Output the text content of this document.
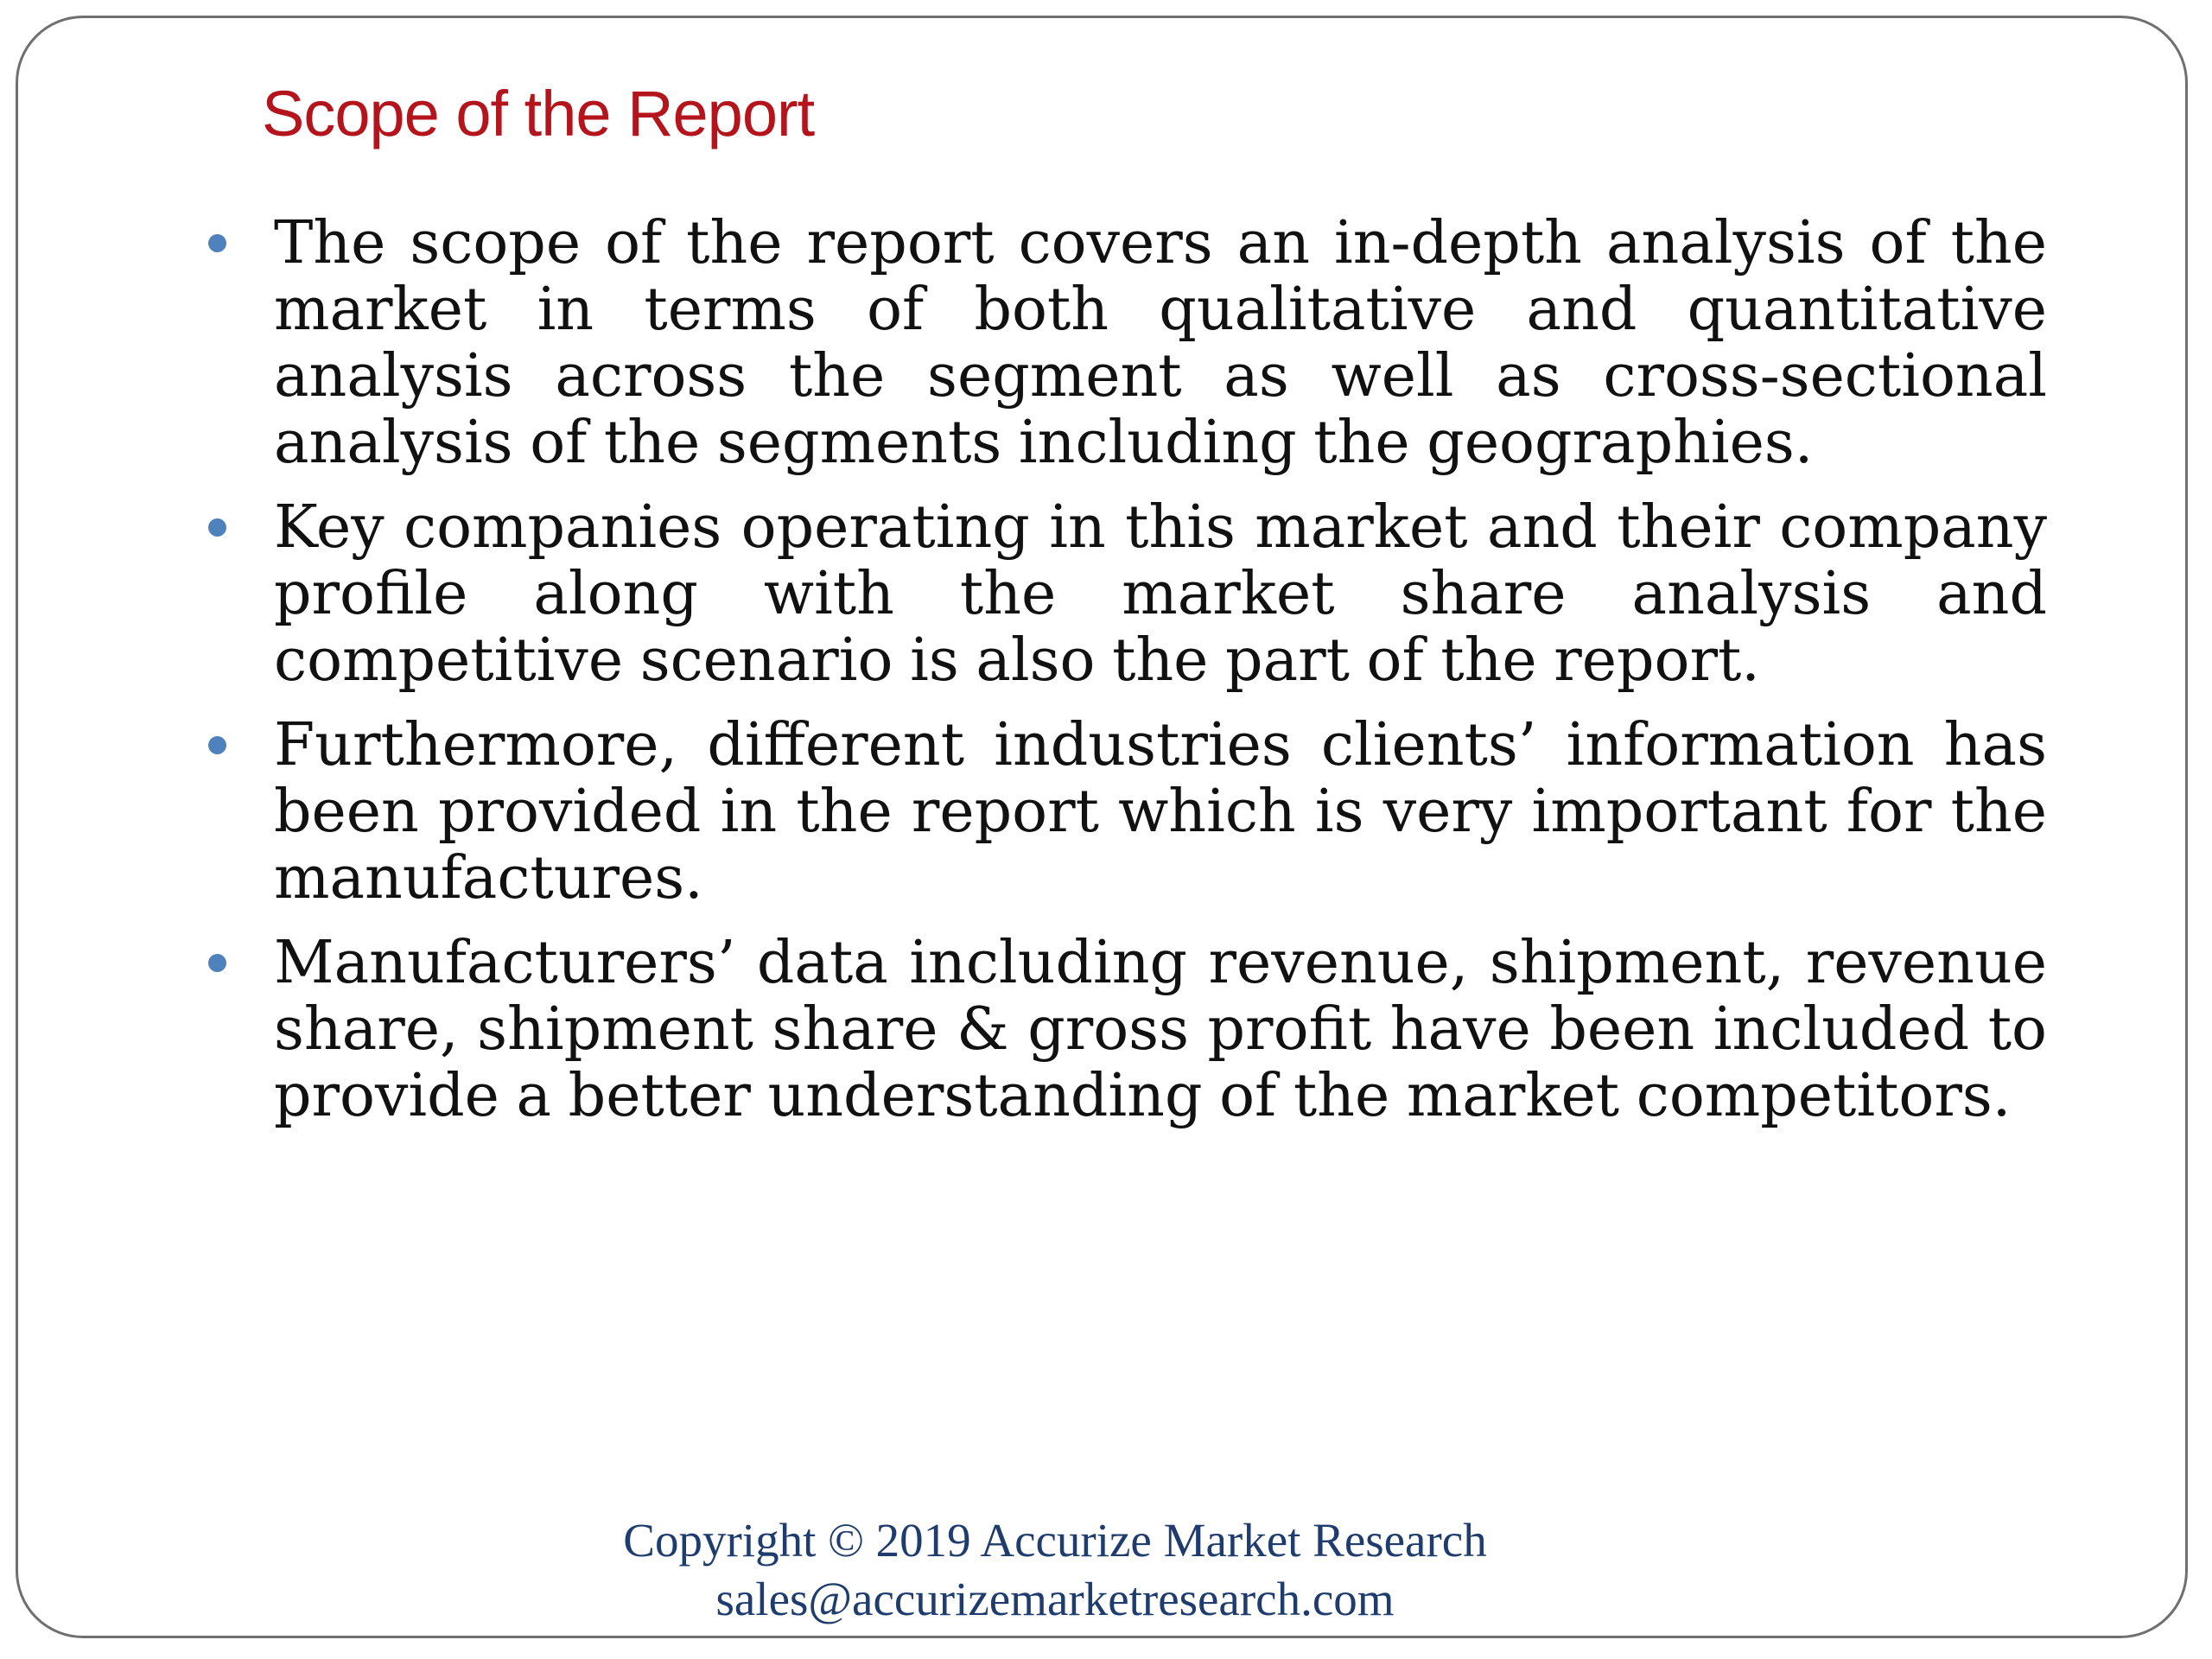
Scope of the Report
The scope of the report covers an in-depth analysis of the market in terms of both qualitative and quantitative analysis across the segment as well as cross-sectional analysis of the segments including the geographies.
Key companies operating in this market and their company profile along with the market share analysis and competitive scenario is also the part of the report.
Furthermore, different industries clients’ information has been provided in the report which is very important for the manufactures.
Manufacturers’ data including revenue, shipment, revenue share, shipment share & gross profit have been included to provide a better understanding of the market competitors.
Copyright © 2019 Accurize Market Research
sales@accurizemarketresearch.com
